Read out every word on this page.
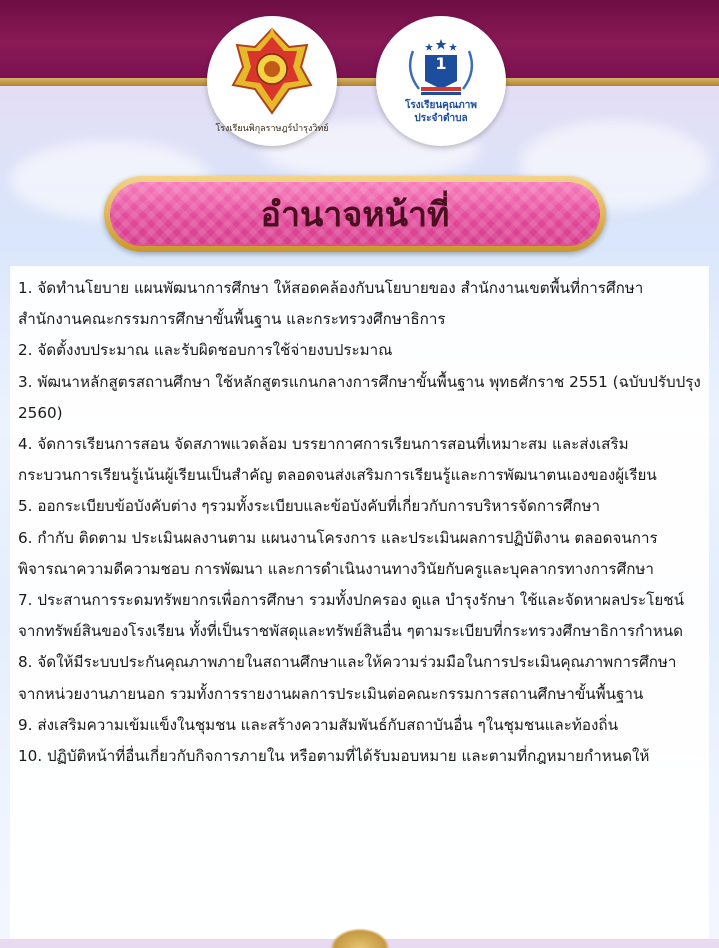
โรงเรียนพิกุลราษฎร์บำรุงวิทย์
1
โรงเรียนคุณภาพ
ประจำตำบล
อำนาจหน้าที่

1. จัดทำนโยบาย แผนพัฒนาการศึกษา ให้สอดคล้องกับนโยบายของ สำนักงานเขตพื้นที่การศึกษา สำนักงานคณะกรรมการศึกษาขั้นพื้นฐาน และกระทรวงศึกษาธิการ

2. จัดตั้งงบประมาณ และรับผิดชอบการใช้จ่ายงบประมาณ

3. พัฒนาหลักสูตรสถานศึกษา ใช้หลักสูตรแกนกลางการศึกษาขั้นพื้นฐาน พุทธศักราช 2551 (ฉบับปรับปรุง 2560)

4. จัดการเรียนการสอน จัดสภาพแวดล้อม บรรยากาศการเรียนการสอนที่เหมาะสม และส่งเสริมกระบวนการเรียนรู้เน้นผู้เรียนเป็นสำคัญ ตลอดจนส่งเสริมการเรียนรู้และการพัฒนาตนเองของผู้เรียน

5. ออกระเบียบข้อบังคับต่าง ๆรวมทั้งระเบียบและข้อบังคับที่เกี่ยวกับการบริหารจัดการศึกษา

6. กำกับ ติดตาม ประเมินผลงานตาม แผนงานโครงการ และประเมินผลการปฏิบัติงาน ตลอดจนการพิจารณาความดีความชอบ การพัฒนา และการดำเนินงานทางวินัยกับครูและบุคลากรทางการศึกษา

7. ประสานการระดมทรัพยากรเพื่อการศึกษา รวมทั้งปกครอง ดูแล บำรุงรักษา ใช้และจัดหาผลประโยชน์จากทรัพย์สินของโรงเรียน ทั้งที่เป็นราชพัสดุและทรัพย์สินอื่น ๆตามระเบียบที่กระทรวงศึกษาธิการกำหนด

8. จัดให้มีระบบประกันคุณภาพภายในสถานศึกษาและให้ความร่วมมือในการประเมินคุณภาพการศึกษาจากหน่วยงานภายนอก รวมทั้งการรายงานผลการประเมินต่อคณะกรรมการสถานศึกษาขั้นพื้นฐาน

9. ส่งเสริมความเข้มแข็งในชุมชน และสร้างความสัมพันธ์กับสถาบันอื่น ๆในชุมชนและท้องถิ่น

10. ปฏิบัติหน้าที่อื่นเกี่ยวกับกิจการภายใน หรือตามที่ได้รับมอบหมาย และตามที่กฎหมายกำหนดให้
